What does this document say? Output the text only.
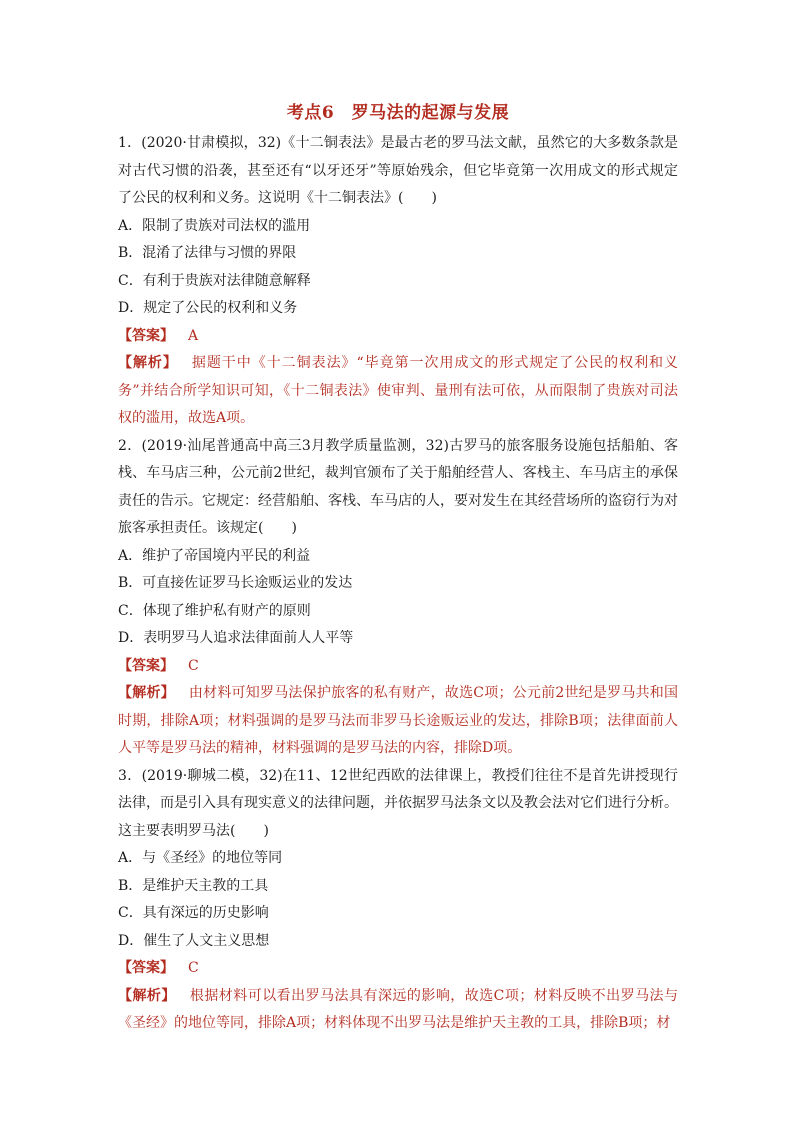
考点6　罗马法的起源与发展

1．(2020·甘肃模拟，32)《十二铜表法》是最古老的罗马法文献，虽然它的大多数条款是对古代习惯的沿袭，甚至还有“以牙还牙”等原始残余，但它毕竟第一次用成文的形式规定了公民的权利和义务。这说明《十二铜表法》(　　)

A．限制了贵族对司法权的滥用

B．混淆了法律与习惯的界限

C．有利于贵族对法律随意解释

D．规定了公民的权利和义务

【答案】 A

【解析】 据题干中《十二铜表法》“毕竟第一次用成文的形式规定了公民的权利和义务”并结合所学知识可知，《十二铜表法》使审判、量刑有法可依，从而限制了贵族对司法权的滥用，故选A项。

2．(2019·汕尾普通高中高三3月教学质量监测，32)古罗马的旅客服务设施包括船舶、客栈、车马店三种，公元前2世纪，裁判官颁布了关于船舶经营人、客栈主、车马店主的承保责任的告示。它规定：经营船舶、客栈、车马店的人，要对发生在其经营场所的盗窃行为对旅客承担责任。该规定(　　)

A．维护了帝国境内平民的利益

B．可直接佐证罗马长途贩运业的发达

C．体现了维护私有财产的原则

D．表明罗马人追求法律面前人人平等

【答案】 C

【解析】 由材料可知罗马法保护旅客的私有财产，故选C项；公元前2世纪是罗马共和国时期，排除A项；材料强调的是罗马法而非罗马长途贩运业的发达，排除B项；法律面前人人平等是罗马法的精神，材料强调的是罗马法的内容，排除D项。

3．(2019·聊城二模，32)在11、12世纪西欧的法律课上，教授们往往不是首先讲授现行法律，而是引入具有现实意义的法律问题，并依据罗马法条文以及教会法对它们进行分析。这主要表明罗马法(　　)

A．与《圣经》的地位等同

B．是维护天主教的工具

C．具有深远的历史影响

D．催生了人文主义思想

【答案】 C

【解析】 根据材料可以看出罗马法具有深远的影响，故选C项；材料反映不出罗马法与《圣经》的地位等同，排除A项；材料体现不出罗马法是维护天主教的工具，排除B项；材
